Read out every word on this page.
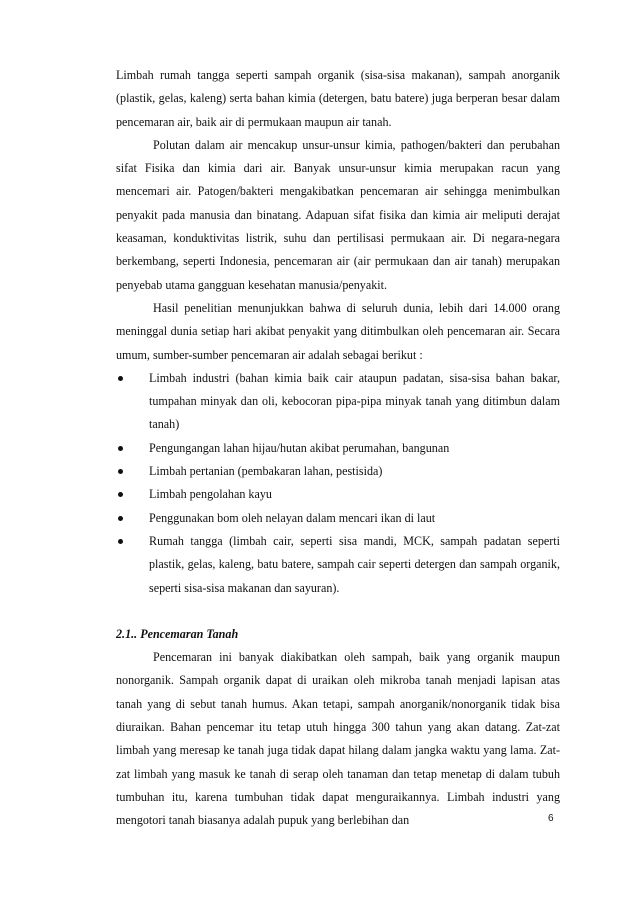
Limbah rumah tangga seperti sampah organik (sisa-sisa makanan), sampah anorganik (plastik, gelas, kaleng) serta bahan kimia (detergen, batu batere) juga berperan besar dalam pencemaran air, baik air di permukaan maupun air tanah.

Polutan dalam air mencakup unsur-unsur kimia, pathogen/bakteri dan perubahan sifat Fisika dan kimia dari air. Banyak unsur-unsur kimia merupakan racun yang mencemari air. Patogen/bakteri mengakibatkan pencemaran air sehingga menimbulkan penyakit pada manusia dan binatang. Adapuan sifat fisika dan kimia air meliputi derajat keasaman, konduktivitas listrik, suhu dan pertilisasi permukaan air. Di negara-negara berkembang, seperti Indonesia, pencemaran air (air permukaan dan air tanah) merupakan penyebab utama gangguan kesehatan manusia/penyakit.

Hasil penelitian menunjukkan bahwa di seluruh dunia, lebih dari 14.000 orang meninggal dunia setiap hari akibat penyakit yang ditimbulkan oleh pencemaran air. Secara umum, sumber-sumber pencemaran air adalah sebagai berikut :

Limbah industri (bahan kimia baik cair ataupun padatan, sisa-sisa bahan bakar, tumpahan minyak dan oli, kebocoran pipa-pipa minyak tanah yang ditimbun dalam tanah)
Pengungangan lahan hijau/hutan akibat perumahan, bangunan
Limbah pertanian (pembakaran lahan, pestisida)
Limbah pengolahan kayu
Penggunakan bom oleh nelayan dalam mencari ikan di laut
Rumah tangga (limbah cair, seperti sisa mandi, MCK, sampah padatan seperti plastik, gelas, kaleng, batu batere, sampah cair seperti detergen dan sampah organik, seperti sisa-sisa makanan dan sayuran).
2.1.. Pencemaran Tanah

Pencemaran ini banyak diakibatkan oleh sampah, baik yang organik maupun nonorganik. Sampah organik dapat di uraikan oleh mikroba tanah menjadi lapisan atas tanah yang di sebut tanah humus. Akan tetapi, sampah anorganik/nonorganik tidak bisa diuraikan. Bahan pencemar itu tetap utuh hingga 300 tahun yang akan datang. Zat-zat limbah yang meresap ke tanah juga tidak dapat hilang dalam jangka waktu yang lama. Zat-zat limbah yang masuk ke tanah di serap oleh tanaman dan tetap menetap di dalam tubuh tumbuhan itu, karena tumbuhan tidak dapat menguraikannya. Limbah industri yang mengotori tanah biasanya adalah pupuk yang berlebihan dan	6
